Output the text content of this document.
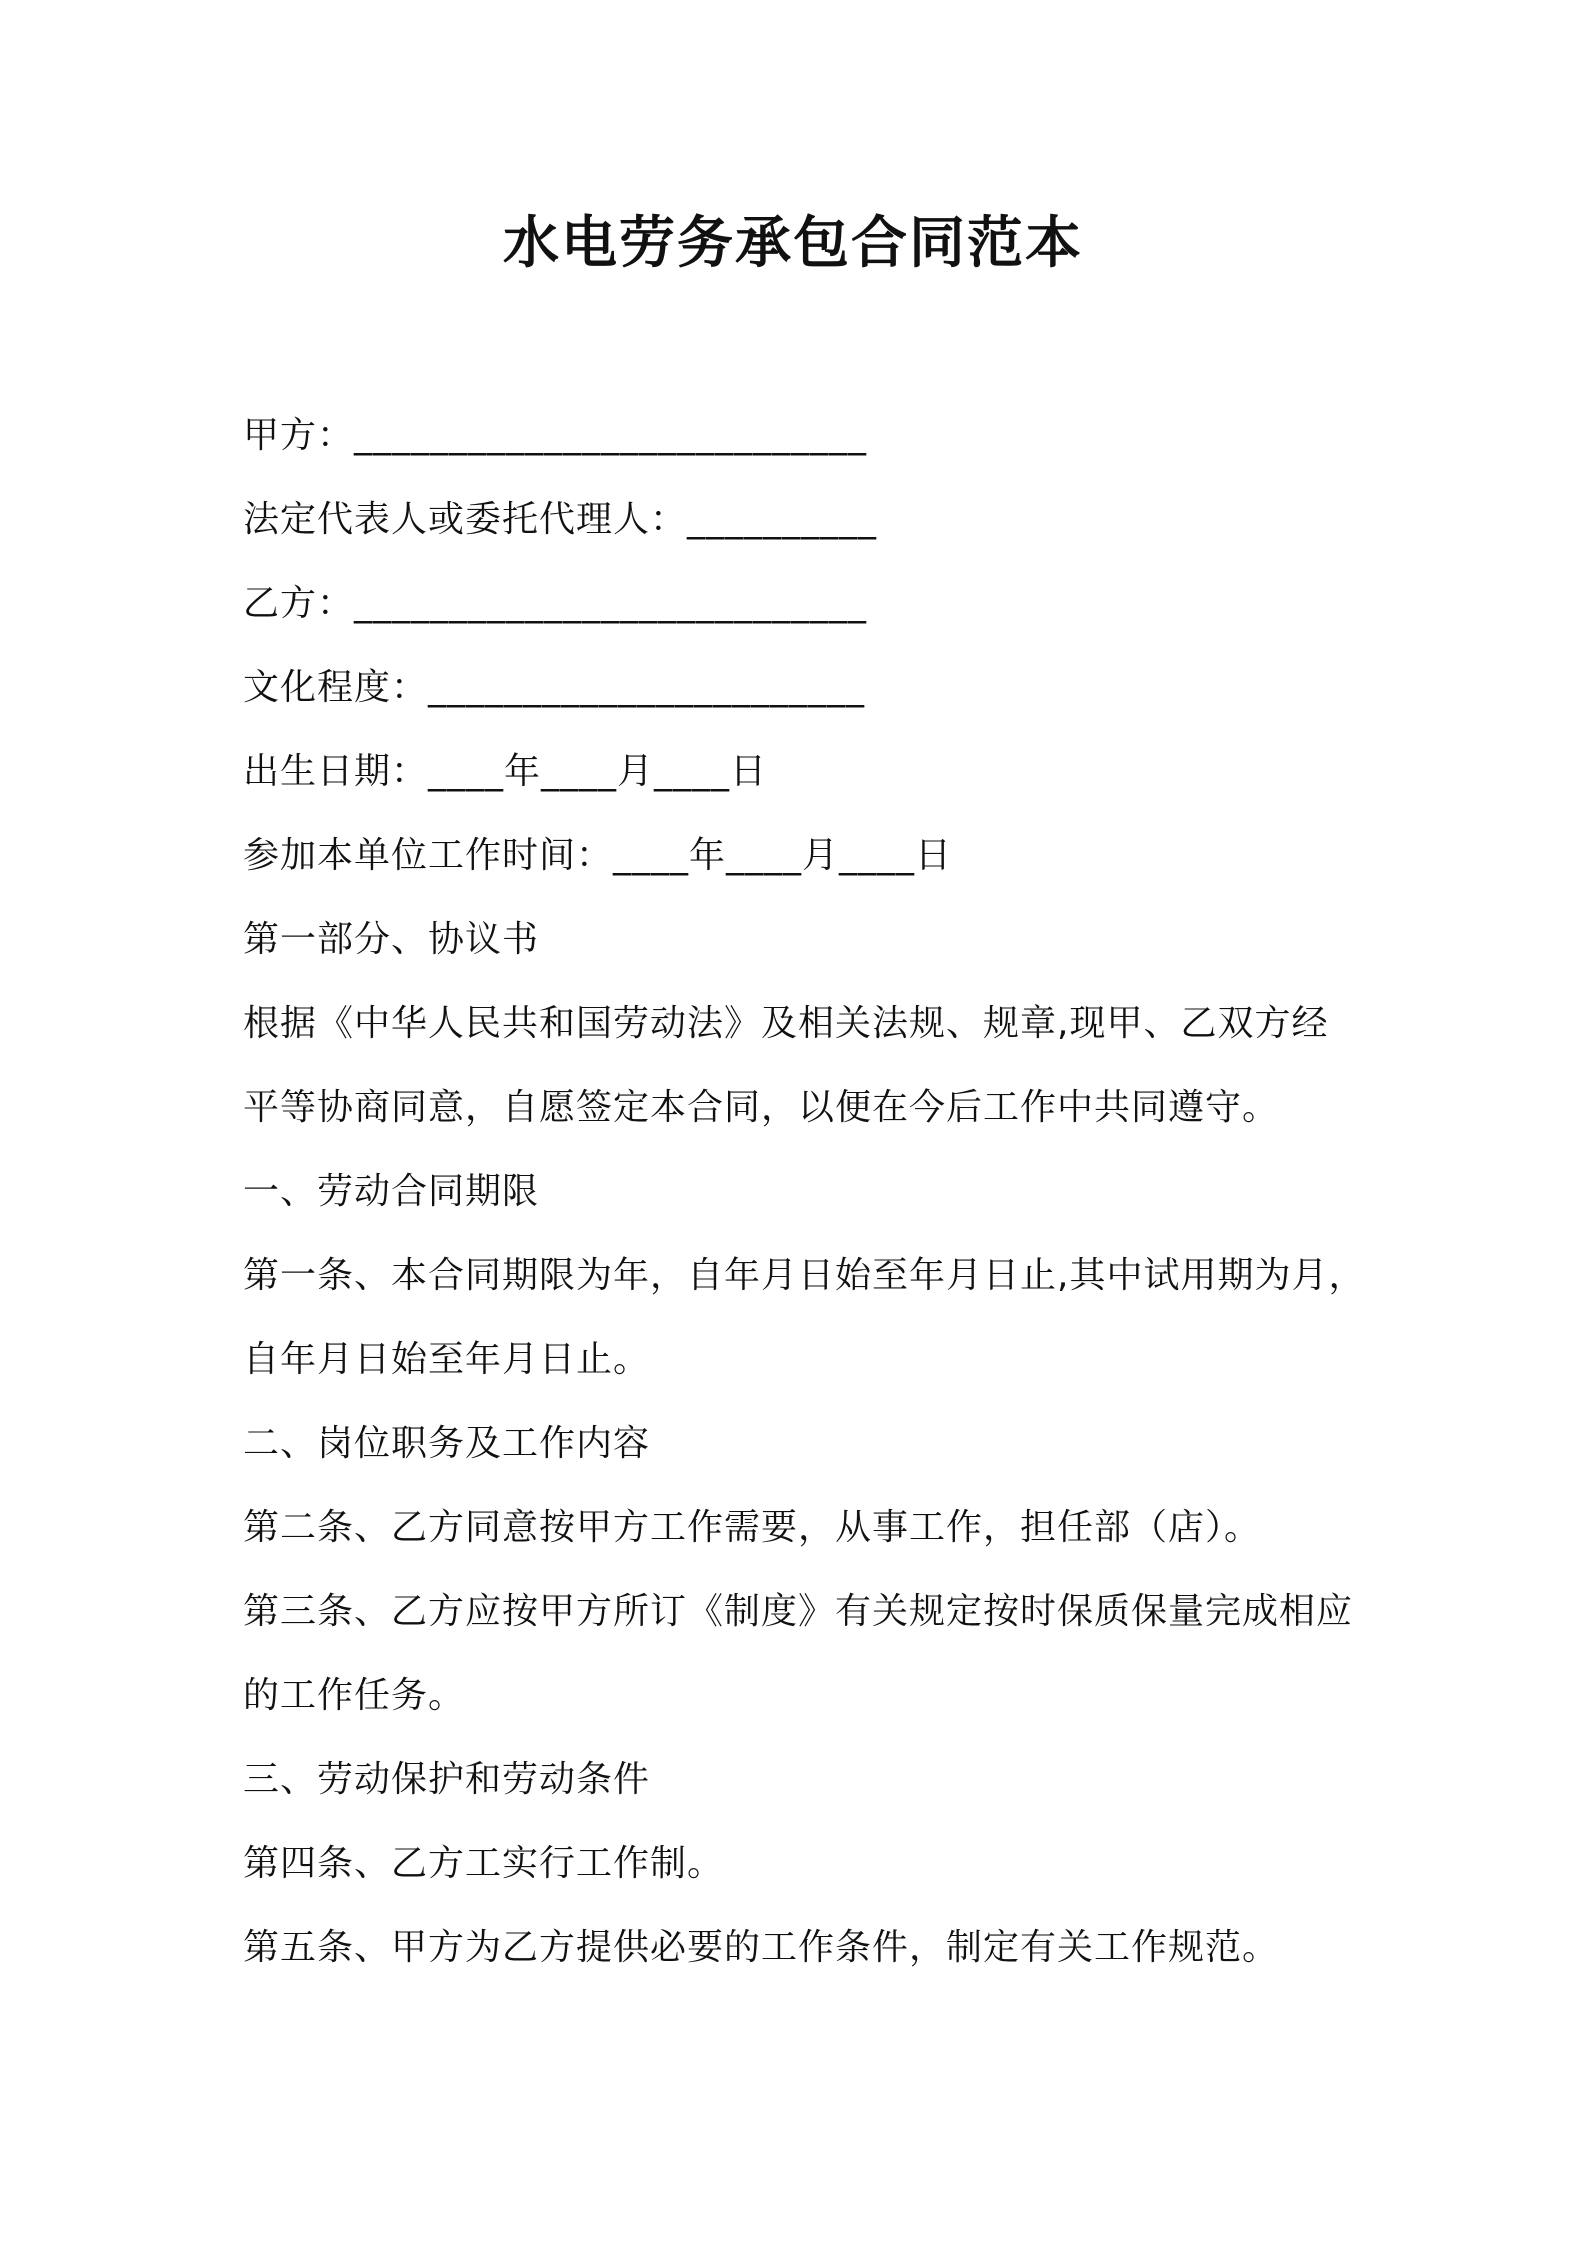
水电劳务承包合同范本
甲方：___________________________
法定代表人或委托代理人：__________
乙方：___________________________
文化程度：_______________________
出生日期：____年____月____日
参加本单位工作时间：____年____月____日
第一部分、协议书
根据《中华人民共和国劳动法》及相关法规、规章,现甲、乙双方经
平等协商同意，自愿签定本合同，以便在今后工作中共同遵守。
一、劳动合同期限
第一条、本合同期限为年，自年月日始至年月日止,其中试用期为月，
自年月日始至年月日止。
二、岗位职务及工作内容
第二条、乙方同意按甲方工作需要，从事工作，担任部（店）。
第三条、乙方应按甲方所订《制度》有关规定按时保质保量完成相应
的工作任务。
三、劳动保护和劳动条件
第四条、乙方工实行工作制。
第五条、甲方为乙方提供必要的工作条件，制定有关工作规范。
